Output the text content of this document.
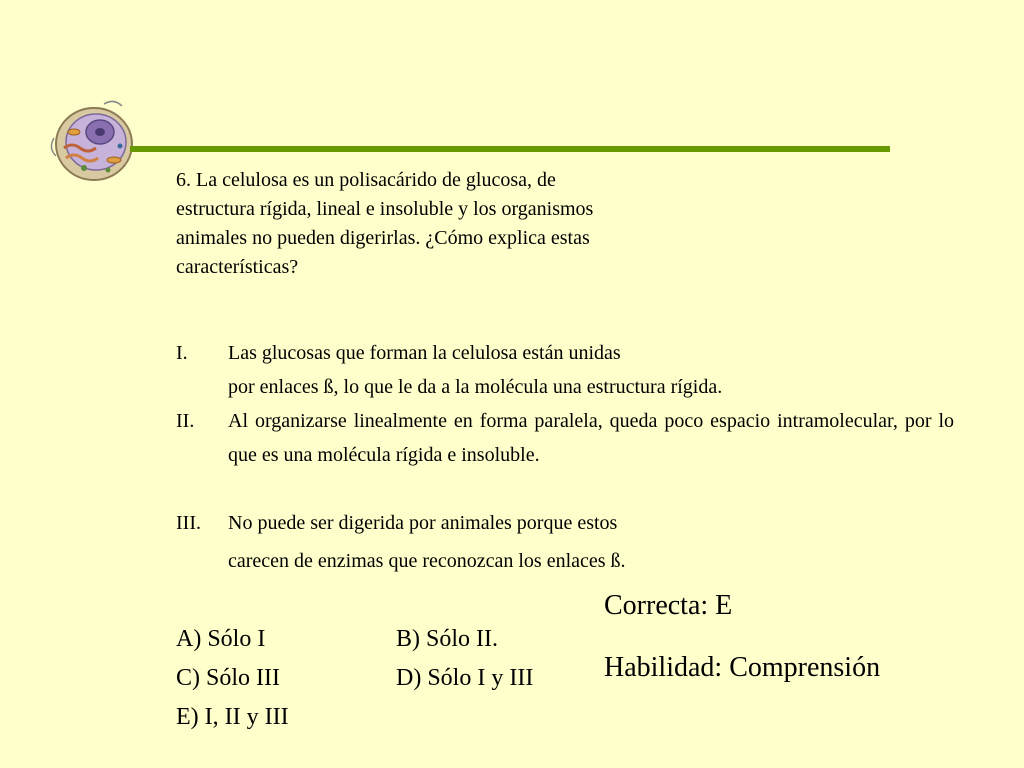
6. La celulosa es un polisacárido de glucosa, de
estructura rígida, lineal e insoluble y los organismos
animales no pueden digerirlas. ¿Cómo explica estas
características?

I. Las glucosas que forman la celulosa están unidas
por enlaces ß, lo que le da a la molécula una estructura rígida.
II. Al organizarse linealmente en forma paralela, queda poco espacio intramolecular, por lo que es una molécula rígida e insoluble.
III. No puede ser digerida por animales porque estos
carecen de enzimas que reconozcan los enlaces ß.
A) Sólo I	B) Sólo II.
C) Sólo III	D) Sólo I y III
E) I, II y III
Correcta: E
Habilidad: Comprensión
